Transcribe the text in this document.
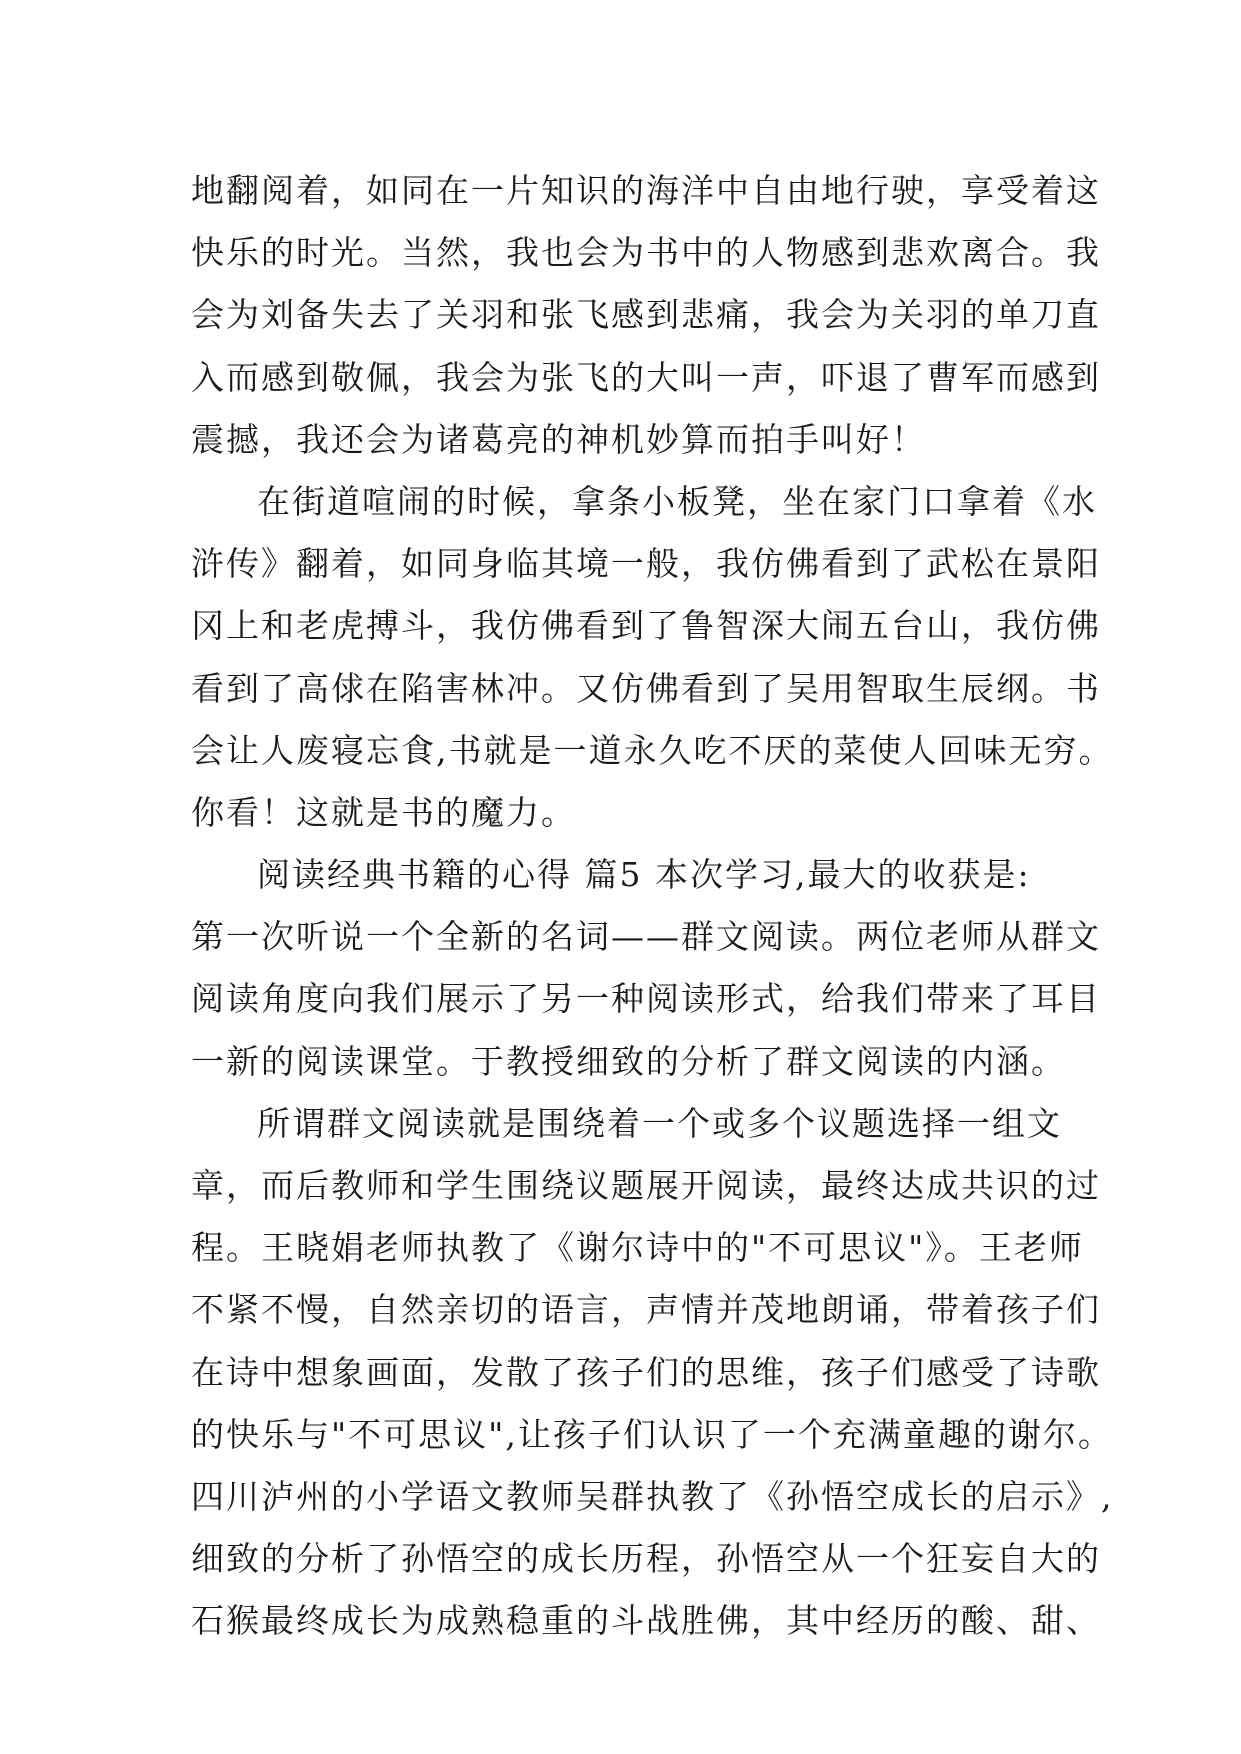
地翻阅着，如同在一片知识的海洋中自由地行驶，享受着这
快乐的时光。当然，我也会为书中的人物感到悲欢离合。我
会为刘备失去了关羽和张飞感到悲痛，我会为关羽的单刀直
入而感到敬佩，我会为张飞的大叫一声，吓退了曹军而感到
震撼，我还会为诸葛亮的神机妙算而拍手叫好！
在街道喧闹的时候，拿条小板凳，坐在家门口拿着《水
浒传》翻着，如同身临其境一般，我仿佛看到了武松在景阳
冈上和老虎搏斗，我仿佛看到了鲁智深大闹五台山，我仿佛
看到了高俅在陷害林冲。又仿佛看到了吴用智取生辰纲。书
会让人废寝忘食,书就是一道永久吃不厌的菜使人回味无穷。
你看！这就是书的魔力。
阅读经典书籍的心得 篇5 本次学习,最大的收获是:
第一次听说一个全新的名词——群文阅读。两位老师从群文
阅读角度向我们展示了另一种阅读形式，给我们带来了耳目
一新的阅读课堂。于教授细致的分析了群文阅读的内涵。
所谓群文阅读就是围绕着一个或多个议题选择一组文
章，而后教师和学生围绕议题展开阅读，最终达成共识的过
程。王晓娟老师执教了《谢尔诗中的"不可思议"》。王老师
不紧不慢，自然亲切的语言，声情并茂地朗诵，带着孩子们
在诗中想象画面，发散了孩子们的思维，孩子们感受了诗歌
的快乐与"不可思议",让孩子们认识了一个充满童趣的谢尔。
四川泸州的小学语文教师吴群执教了《孙悟空成长的启示》,
细致的分析了孙悟空的成长历程，孙悟空从一个狂妄自大的
石猴最终成长为成熟稳重的斗战胜佛，其中经历的酸、甜、
